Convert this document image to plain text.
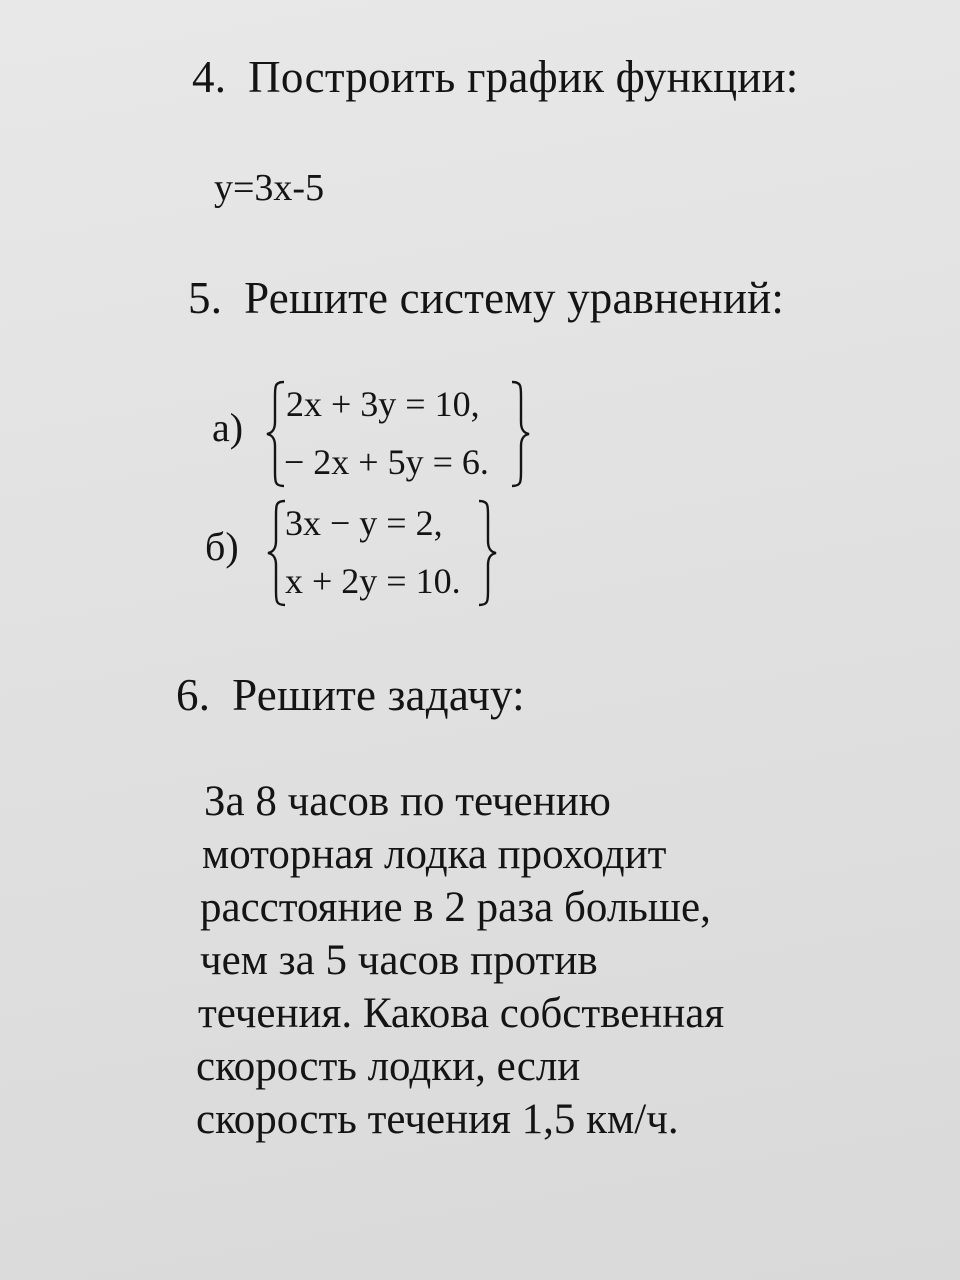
4. Построить график функции:
y=3x-5
5. Решите систему уравнений:
а)
2x + 3y = 10,
− 2x + 5y = 6.
б)
3x − y = 2,
x + 2y = 10.
6. Решите задачу:
За 8 часов по течению
моторная лодка проходит
расстояние в 2 раза больше,
чем за 5 часов против
течения. Какова собственная
скорость лодки, если
скорость течения 1,5 км/ч.
